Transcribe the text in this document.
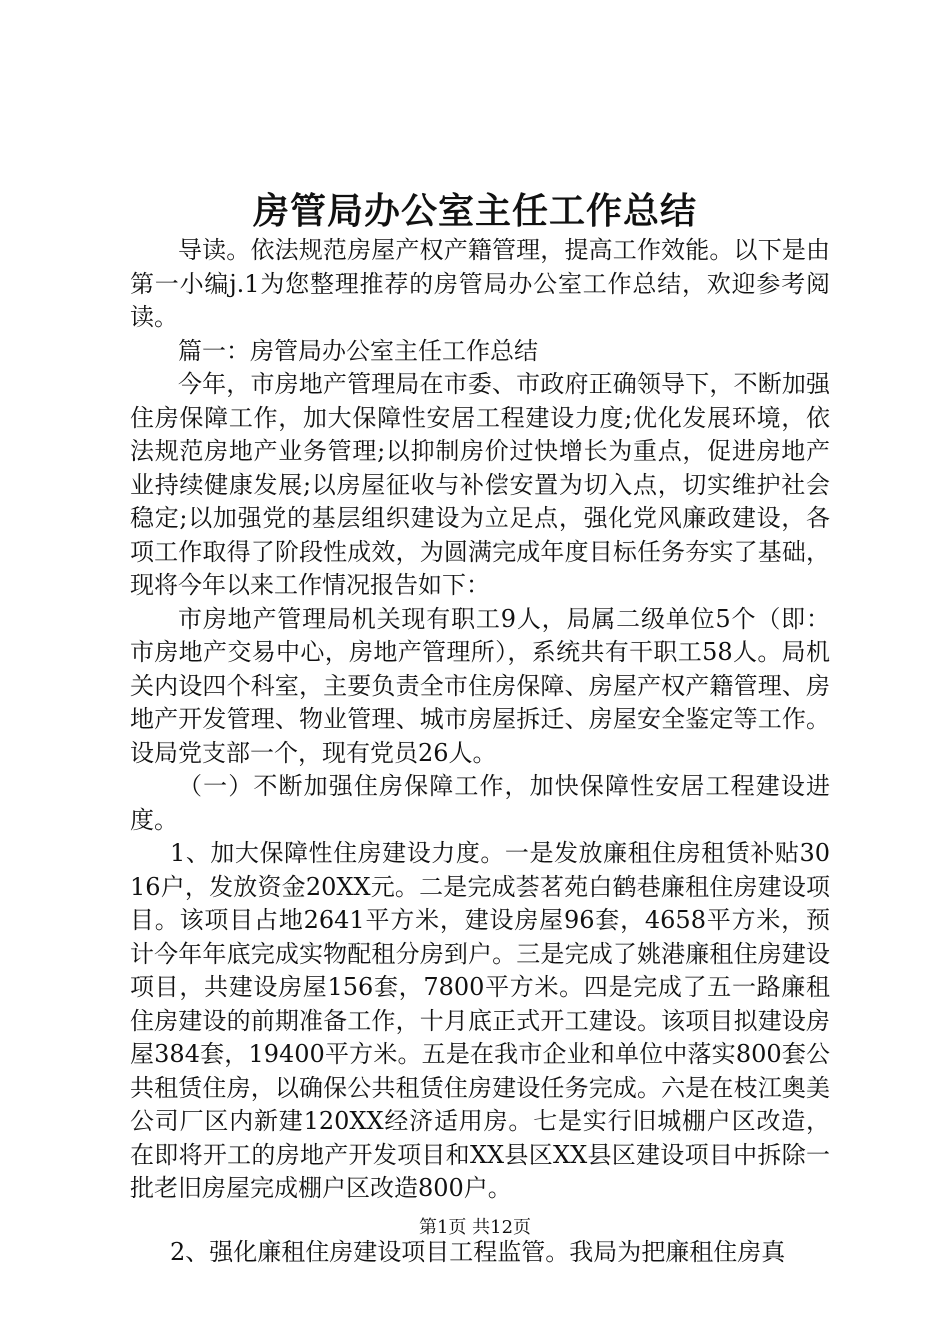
房管局办公室主任工作总结

导读。依法规范房屋产权产籍管理，提高工作效能。以下是由第一小编j.1为您整理推荐的房管局办公室工作总结，欢迎参考阅读。

篇一：房管局办公室主任工作总结

今年，市房地产管理局在市委、市政府正确领导下，不断加强住房保障工作，加大保障性安居工程建设力度;优化发展环境，依法规范房地产业务管理;以抑制房价过快增长为重点，促进房地产业持续健康发展;以房屋征收与补偿安置为切入点，切实维护社会稳定;以加强党的基层组织建设为立足点，强化党风廉政建设，各项工作取得了阶段性成效，为圆满完成年度目标任务夯实了基础，现将今年以来工作情况报告如下：

市房地产管理局机关现有职工9人，局属二级单位5个（即：市房地产交易中心，房地产管理所），系统共有干职工58人。局机关内设四个科室，主要负责全市住房保障、房屋产权产籍管理、房地产开发管理、物业管理、城市房屋拆迁、房屋安全鉴定等工作。设局党支部一个，现有党员26人。

（一）不断加强住房保障工作，加快保障性安居工程建设进度。

1、加大保障性住房建设力度。一是发放廉租住房租赁补贴3016户，发放资金20XX元。二是完成荟茗苑白鹤巷廉租住房建设项目。该项目占地2641平方米，建设房屋96套，4658平方米，预计今年年底完成实物配租分房到户。三是完成了姚港廉租住房建设项目，共建设房屋156套，7800平方米。四是完成了五一路廉租住房建设的前期准备工作，十月底正式开工建设。该项目拟建设房屋384套，19400平方米。五是在我市企业和单位中落实800套公共租赁住房，以确保公共租赁住房建设任务完成。六是在枝江奥美公司厂区内新建120XX经济适用房。七是实行旧城棚户区改造，在即将开工的房地产开发项目和XX县区XX县区建设项目中拆除一批老旧房屋完成棚户区改造800户。

2、强化廉租住房建设项目工程监管。我局为把廉租住房真

第1页 共12页
